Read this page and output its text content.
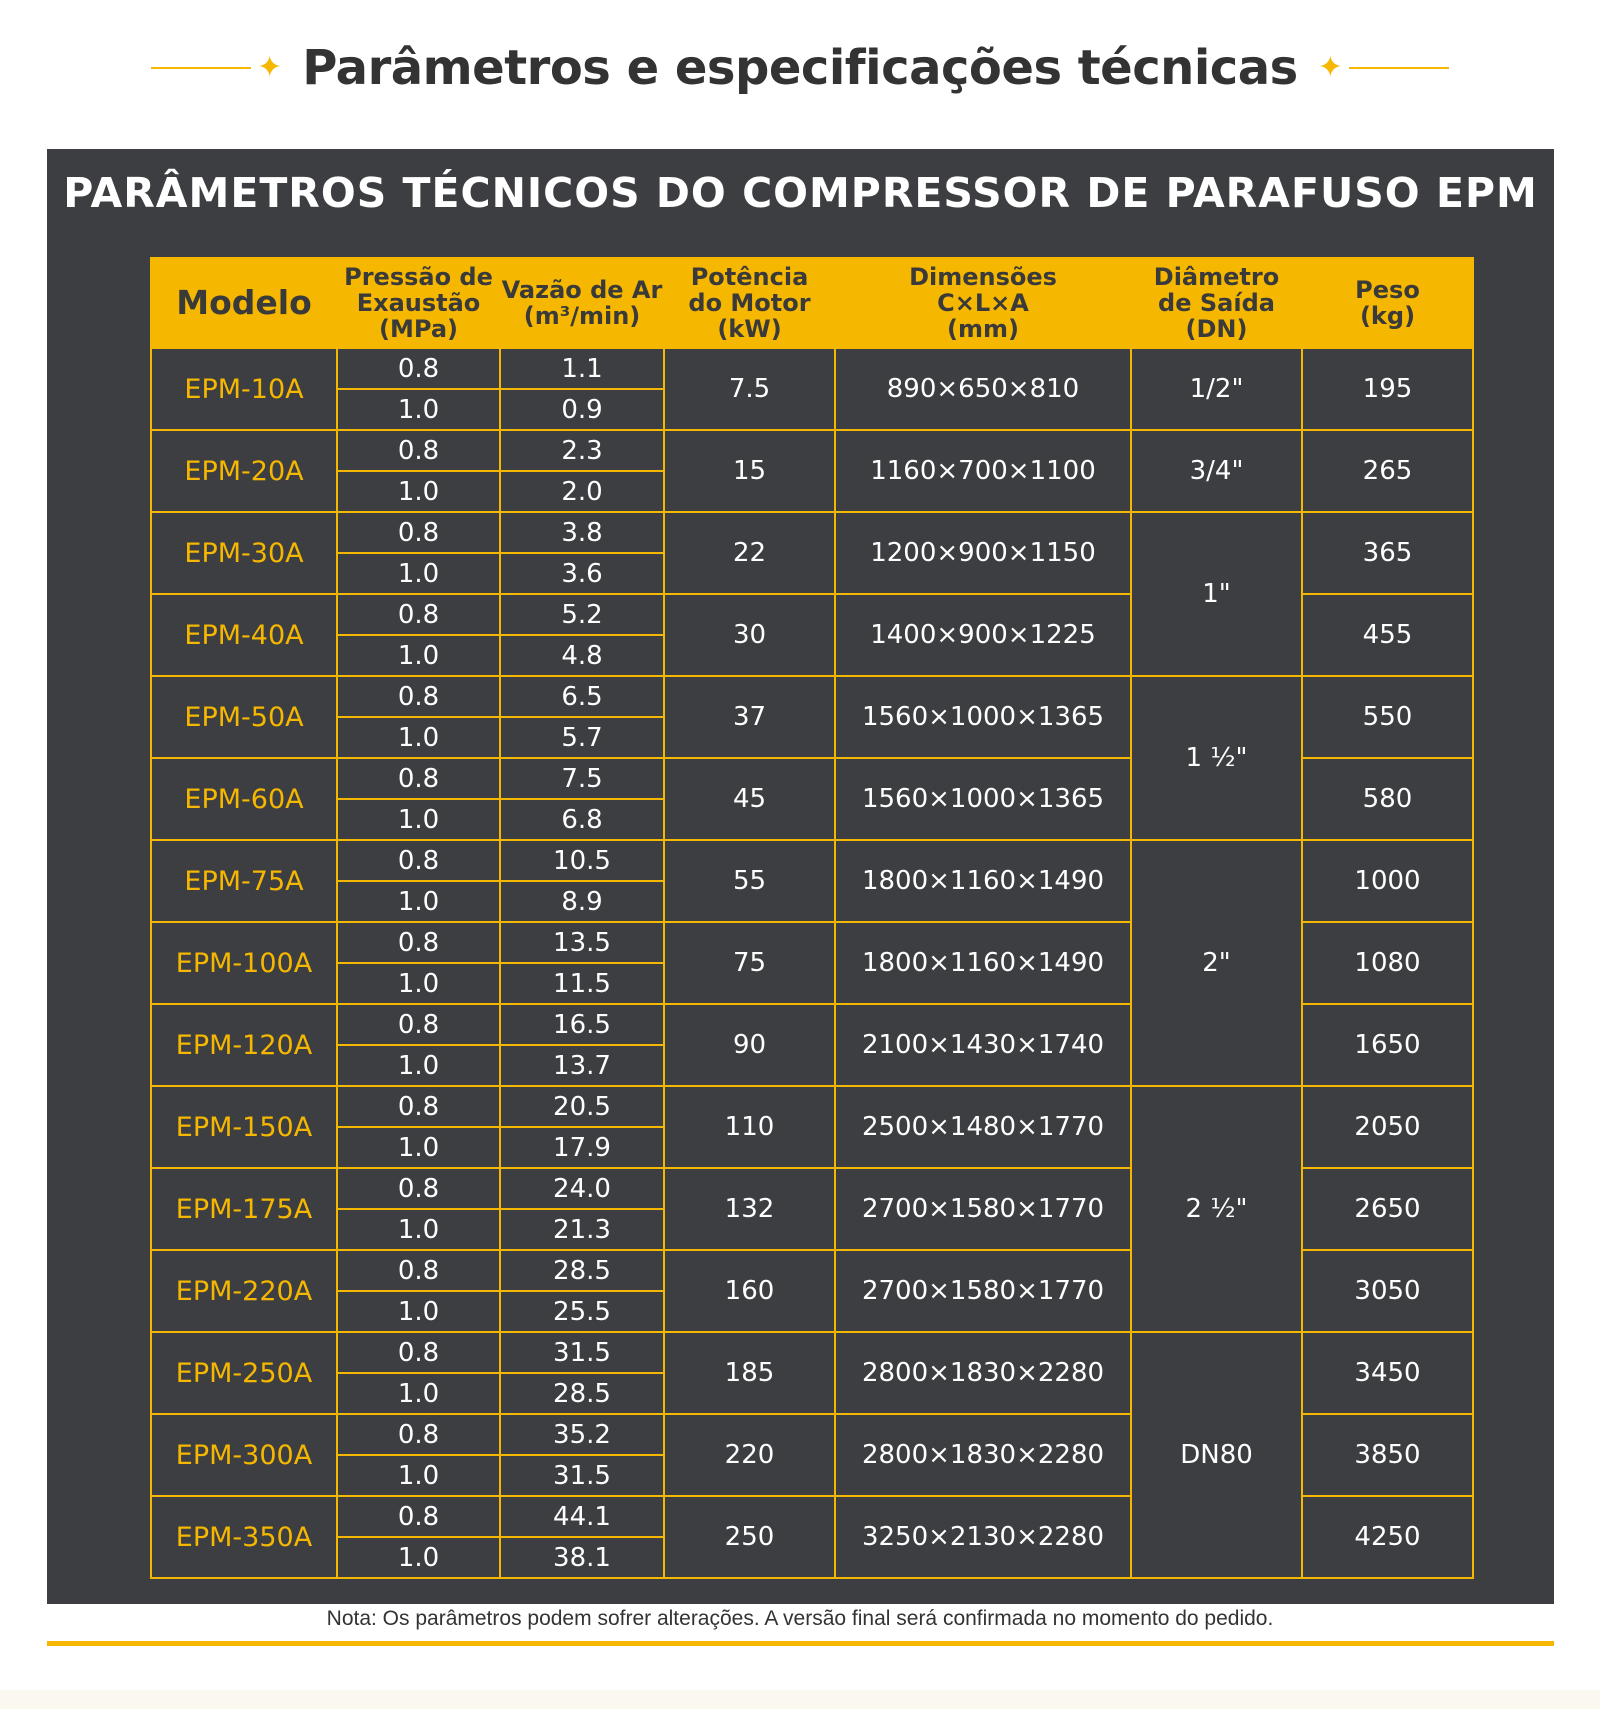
✦ Parâmetros e especificações técnicas ✦
PARÂMETROS TÉCNICOS DO COMPRESSOR DE PARAFUSO EPM
Modelo	Pressão de
Exaustão
(MPa)	Vazão de Ar
(m³/min)	Potência
do Motor
(kW)	Dimensões
C×L×A
(mm)	Diâmetro
de Saída
(DN)	Peso
(kg)

EPM-10A	0.8	1.1	7.5	890×650×810	1/2"	195
	1.0	0.9				
EPM-20A	0.8	2.3	15	1160×700×1100	3/4"	265
	1.0	2.0				
EPM-30A	0.8	3.8	22	1200×900×1150	1"	365
	1.0	3.6				
EPM-40A	0.8	5.2	30	1400×900×1225		455
	1.0	4.8				
EPM-50A	0.8	6.5	37	1560×1000×1365	1 ½"	550
	1.0	5.7				
EPM-60A	0.8	7.5	45	1560×1000×1365		580
	1.0	6.8				
EPM-75A	0.8	10.5	55	1800×1160×1490	2"	1000
	1.0	8.9				
EPM-100A	0.8	13.5	75	1800×1160×1490		1080
	1.0	11.5				
EPM-120A	0.8	16.5	90	2100×1430×1740		1650
	1.0	13.7				
EPM-150A	0.8	20.5	110	2500×1480×1770	2 ½"	2050
	1.0	17.9				
EPM-175A	0.8	24.0	132	2700×1580×1770		2650
	1.0	21.3				
EPM-220A	0.8	28.5	160	2700×1580×1770		3050
	1.0	25.5				
EPM-250A	0.8	31.5	185	2800×1830×2280	DN80	3450
	1.0	28.5				
EPM-300A	0.8	35.2	220	2800×1830×2280		3850
	1.0	31.5				
EPM-350A	0.8	44.1	250	3250×2130×2280		4250
	1.0	38.1				
Nota: Os parâmetros podem sofrer alterações. A versão final será confirmada no momento do pedido.
